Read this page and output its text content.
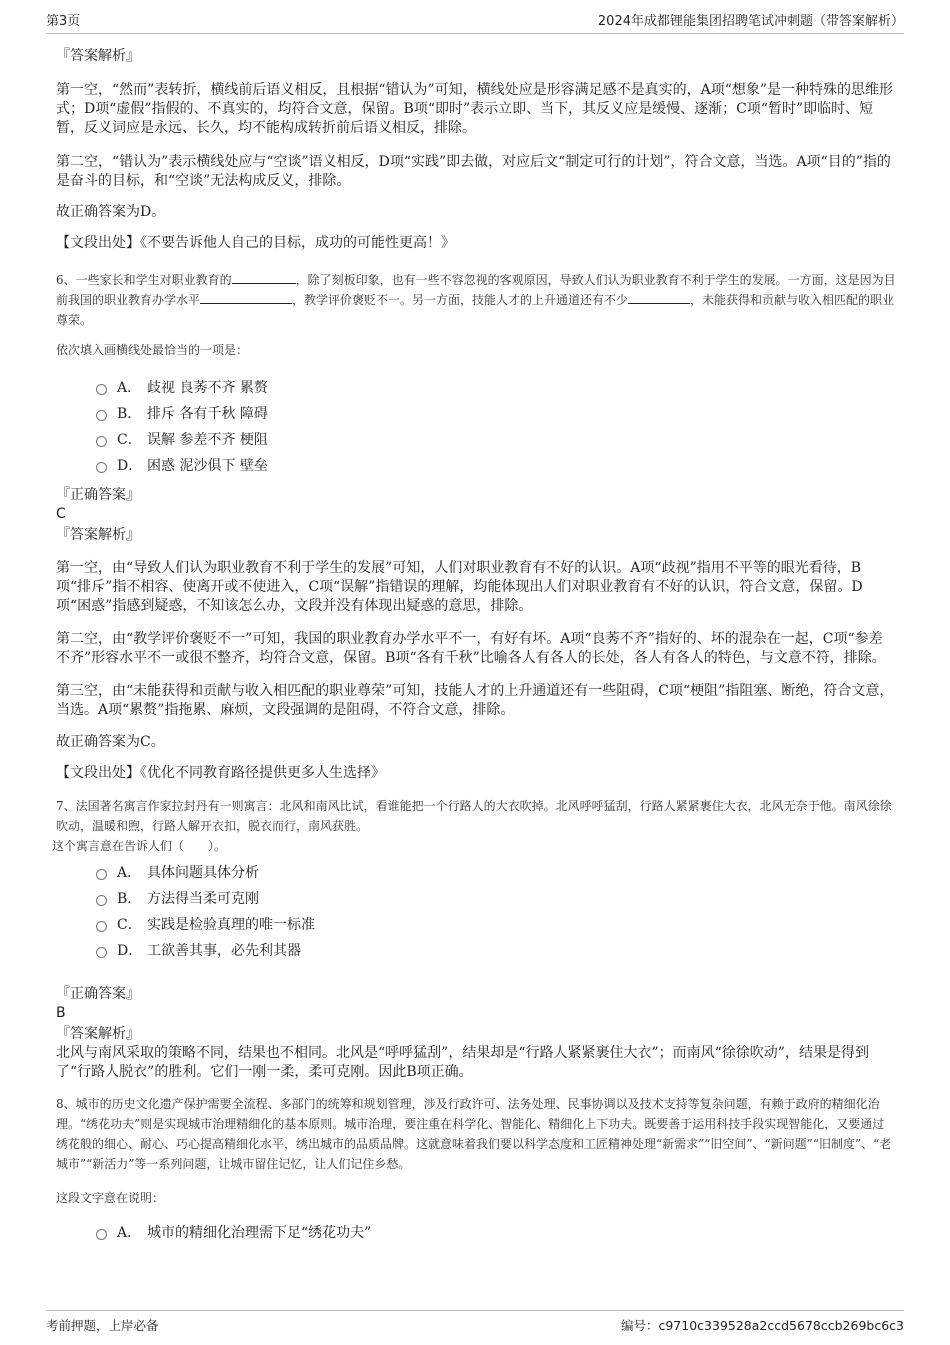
第3页	2024年成都锂能集团招聘笔试冲刺题（带答案解析）

『答案解析』

第一空，“然而”表转折，横线前后语义相反，且根据“错认为”可知，横线处应是形容满足感不是真实的，A项“想象”是一种特殊的思维形式；D项“虚假”指假的、不真实的，均符合文意，保留。B项“即时”表示立即、当下，其反义应是缓慢、逐渐；C项“暂时”即临时、短暂，反义词应是永远、长久，均不能构成转折前后语义相反，排除。

第二空，“错认为”表示横线处应与“空谈”语义相反，D项“实践”即去做，对应后文“制定可行的计划”，符合文意，当选。A项“目的”指的是奋斗的目标，和“空谈”无法构成反义，排除。

故正确答案为D。

【文段出处】《不要告诉他人自己的目标，成功的可能性更高！》

6、一些家长和学生对职业教育的	，除了刻板印象，也有一些不容忽视的客观原因，导致人们认为职业教育不利于学生的发展。一方面，这是因为目前我国的职业教育办学水平	，教学评价褒贬不一。另一方面，技能人才的上升通道还有不少	，未能获得和贡献与收入相匹配的职业尊荣。

依次填入画横线处最恰当的一项是：

A． 歧视 良莠不齐 累赘
B． 排斥 各有千秋 障碍
C． 误解 参差不齐 梗阻
D． 困惑 泥沙俱下 壁垒

『正确答案』

C

『答案解析』

第一空，由“导致人们认为职业教育不利于学生的发展”可知，人们对职业教育有不好的认识。A项“歧视”指用不平等的眼光看待，B项“排斥”指不相容、使离开或不使进入，C项“误解”指错误的理解，均能体现出人们对职业教育有不好的认识，符合文意，保留。D项“困惑”指感到疑惑，不知该怎么办，文段并没有体现出疑惑的意思，排除。

第二空，由“教学评价褒贬不一”可知，我国的职业教育办学水平不一，有好有坏。A项“良莠不齐”指好的、坏的混杂在一起，C项“参差不齐”形容水平不一或很不整齐，均符合文意，保留。B项“各有千秋”比喻各人有各人的长处，各人有各人的特色，与文意不符，排除。

第三空，由“未能获得和贡献与收入相匹配的职业尊荣”可知，技能人才的上升通道还有一些阻碍，C项“梗阻”指阻塞、断绝，符合文意，当选。A项“累赘”指拖累、麻烦，文段强调的是阻碍，不符合文意，排除。

故正确答案为C。

【文段出处】《优化不同教育路径提供更多人生选择》

7、法国著名寓言作家拉封丹有一则寓言：北风和南风比试，看谁能把一个行路人的大衣吹掉。北风呼呼猛刮，行路人紧紧裹住大衣，北风无奈于他。南风徐徐吹动，温暖和煦，行路人解开衣扣，脱衣而行，南风获胜。

这个寓言意在告诉人们（　　）。

A． 具体问题具体分析
B． 方法得当柔可克刚
C． 实践是检验真理的唯一标准
D． 工欲善其事，必先利其器

『正确答案』

B

『答案解析』

北风与南风采取的策略不同，结果也不相同。北风是“呼呼猛刮”，结果却是“行路人紧紧裹住大衣”；而南风“徐徐吹动”，结果是得到了“行路人脱衣”的胜利。它们一刚一柔，柔可克刚。因此B项正确。

8、城市的历史文化遗产保护需要全流程、多部门的统筹和规划管理，涉及行政许可、法务处理、民事协调以及技术支持等复杂问题，有赖于政府的精细化治理。“绣花功夫”则是实现城市治理精细化的基本原则。城市治理，要注重在科学化、智能化、精细化上下功夫。既要善于运用科技手段实现智能化，又要通过绣花般的细心、耐心、巧心提高精细化水平，绣出城市的品质品牌。这就意味着我们要以科学态度和工匠精神处理“新需求”“旧空间”、“新问题”“旧制度”、“老城市”“新活力”等一系列问题，让城市留住记忆，让人们记住乡愁。

这段文字意在说明：

A． 城市的精细化治理需下足“绣花功夫”
考前押题，上岸必备	编号：c9710c339528a2ccd5678ccb269bc6c3
